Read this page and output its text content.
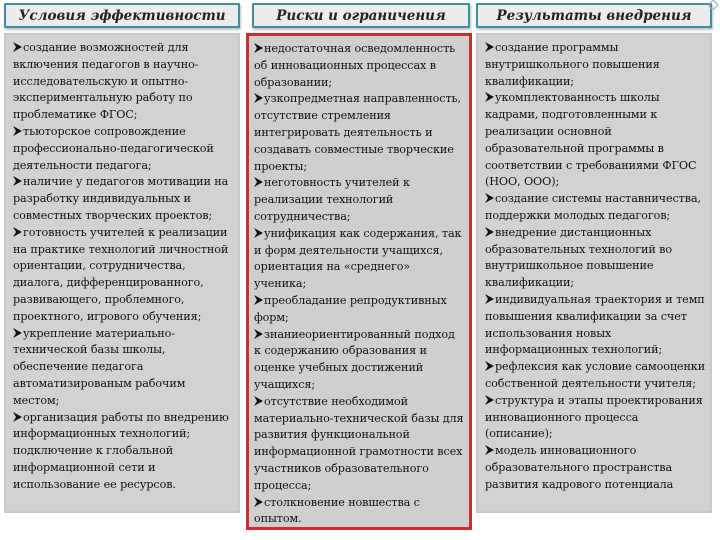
Условия эффективности
создание возможностей для включения педагогов в научно-исследовательскую и опытно-экспериментальную работу по проблематике ФГОС;
тьюторское сопровождение профессионально-педагогической деятельности педагога;
наличие у педагогов мотивации на разработку индивидуальных и совместных творческих проектов;
готовность учителей к реализации на практике технологий личностной ориентации, сотрудничества, диалога, дифференцированного, развивающего, проблемного, проектного, игрового обучения;
укрепление материально-технической базы школы, обеспечение педагога автоматизированым рабочим местом;
организация работы по внедрению информационных технологий; подключение к глобальной информационной сети и использование ее ресурсов.
Риски и ограничения
недостаточная осведомленность об инновационных процессах в образовании;
узкопредметная направленность, отсутствие стремления интегрировать деятельность и создавать совместные творческие проекты;
неготовность учителей к реализации технологий сотрудничества;
унификация как содержания, так и форм деятельности учащихся, ориентация на «среднего» ученика;
преобладание репродуктивных форм;
знаниеориентированный подход к содержанию образования и оценке учебных достижений учащихся;
отсутствие необходимой материально-технической базы для развития функциональной информационной грамотности всех участников образовательного процесса;
столкновение новшества с опытом.
Результаты внедрения
создание программы внутришкольного повышения квалификации;
укомплектованность школы кадрами, подготовленными к реализации основной образовательной программы в соответствии с требованиями ФГОС (НОО, ООО);
создание системы наставничества, поддержки молодых педагогов;
внедрение дистанционных образовательных технологий во внутришкольное повышение квалификации;
индивидуальная траектория и темп повышения квалификации за счет использования новых информационных технологий;
рефлексия как условие самооценки собственной деятельности учителя;
структура и этапы проектирования инновационного процесса (описание);
модель инновационного образовательного пространства развития кадрового потенциала
